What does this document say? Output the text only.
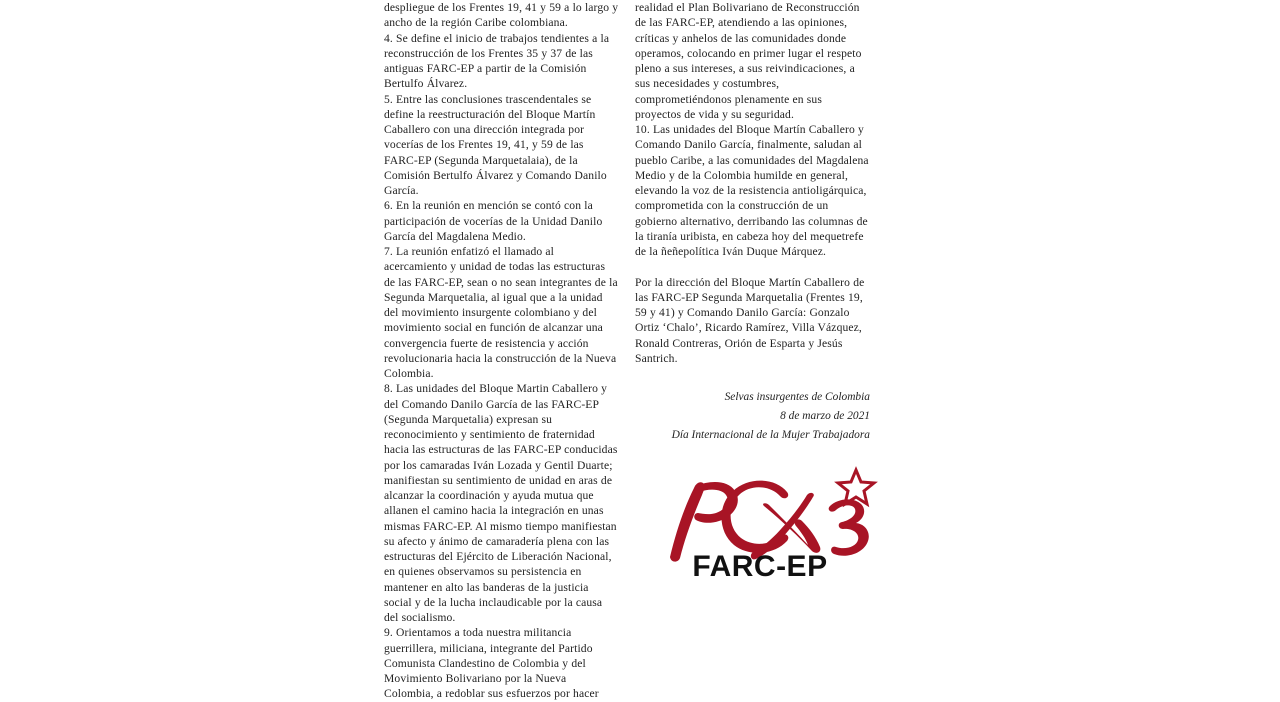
despliegue de los Frentes 19, 41 y 59 a lo largo y ancho de la región Caribe colombiana.

4. Se define el inicio de trabajos tendientes a la reconstrucción de los Frentes 35 y 37 de las antiguas FARC-EP a partir de la Comisión Bertulfo Álvarez.

5. Entre las conclusiones trascendentales se define la reestructuración del Bloque Martín Caballero con una dirección integrada por vocerías de los Frentes 19, 41, y 59 de las FARC-EP (Segunda Marquetalaia), de la Comisión Bertulfo Álvarez y Comando Danilo García.

6. En la reunión en mención se contó con la participación de vocerías de la Unidad Danilo García del Magdalena Medio.

7. La reunión enfatizó el llamado al acercamiento y unidad de todas las estructuras de las FARC-EP, sean o no sean integrantes de la Segunda Marquetalia, al igual que a la unidad del movimiento insurgente colombiano y del movimiento social en función de alcanzar una convergencia fuerte de resistencia y acción revolucionaria hacia la construcción de la Nueva Colombia.

8. Las unidades del Bloque Martin Caballero y del Comando Danilo García de las FARC-EP (Segunda Marquetalia) expresan su reconocimiento y sentimiento de fraternidad hacia las estructuras de las FARC-EP conducidas por los camaradas Iván Lozada y Gentil Duarte; manifiestan su sentimiento de unidad en aras de alcanzar la coordinación y ayuda mutua que allanen el camino hacia la integración en unas mismas FARC-EP. Al mismo tiempo manifiestan su afecto y ánimo de camaradería plena con las estructuras del Ejército de Liberación Nacional, en quienes observamos su persistencia en mantener en alto las banderas de la justicia social y de la lucha inclaudicable por la causa del socialismo.

9. Orientamos a toda nuestra militancia guerrillera, miliciana, integrante del Partido Comunista Clandestino de Colombia y del Movimiento Bolivariano por la Nueva Colombia, a redoblar sus esfuerzos por hacer

realidad el Plan Bolivariano de Reconstrucción de las FARC-EP, atendiendo a las opiniones, críticas y anhelos de las comunidades donde operamos, colocando en primer lugar el respeto pleno a sus intereses, a sus reivindicaciones, a sus necesidades y costumbres, comprometiéndonos plenamente en sus proyectos de vida y su seguridad.

10. Las unidades del Bloque Martín Caballero y Comando Danilo García, finalmente, saludan al pueblo Caribe, a las comunidades del Magdalena Medio y de la Colombia humilde en general, elevando la voz de la resistencia antioligárquica, comprometida con la construcción de un gobierno alternativo, derribando las columnas de la tiranía uribista, en cabeza hoy del mequetrefe de la ñeñepolítica Iván Duque Márquez.

Por la dirección del Bloque Martín Caballero de las FARC-EP Segunda Marquetalia (Frentes 19, 59 y 41) y Comando Danilo García: Gonzalo Ortiz ‘Chalo’, Ricardo Ramírez, Villa Vázquez, Ronald Contreras, Orión de Esparta y Jesús Santrich.

Selvas insurgentes de Colombia
8 de marzo de 2021
Día Internacional de la Mujer Trabajadora
FARC-EP
